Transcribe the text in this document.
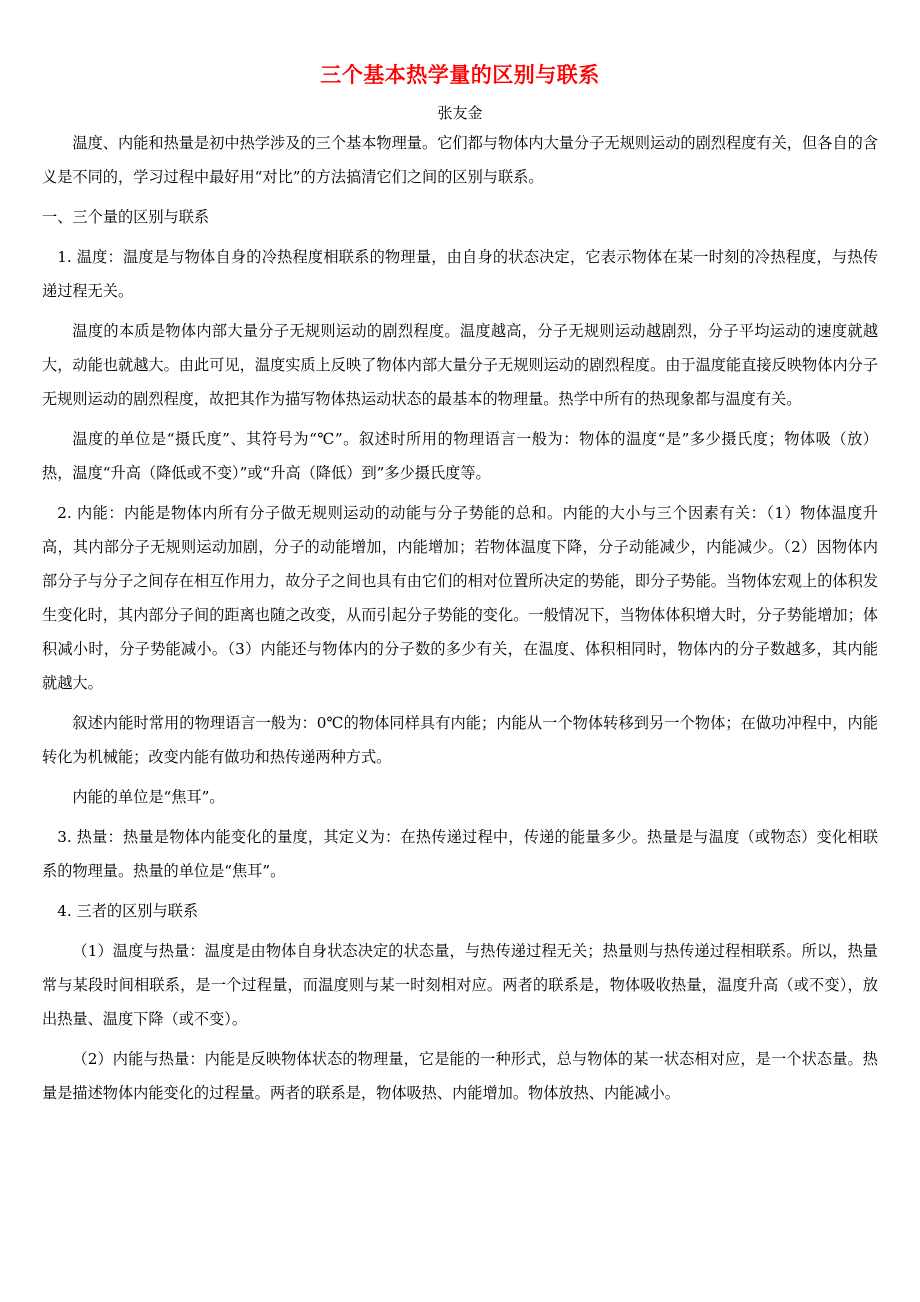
三个基本热学量的区别与联系
张友金

温度、内能和热量是初中热学涉及的三个基本物理量。它们都与物体内大量分子无规则运动的剧烈程度有关，但各自的含义是不同的，学习过程中最好用“对比”的方法搞清它们之间的区别与联系。

一、三个量的区别与联系

1. 温度：温度是与物体自身的冷热程度相联系的物理量，由自身的状态决定，它表示物体在某一时刻的冷热程度，与热传递过程无关。

温度的本质是物体内部大量分子无规则运动的剧烈程度。温度越高，分子无规则运动越剧烈，分子平均运动的速度就越大，动能也就越大。由此可见，温度实质上反映了物体内部大量分子无规则运动的剧烈程度。由于温度能直接反映物体内分子无规则运动的剧烈程度，故把其作为描写物体热运动状态的最基本的物理量。热学中所有的热现象都与温度有关。

温度的单位是“摄氏度”、其符号为“℃”。叙述时所用的物理语言一般为：物体的温度“是”多少摄氏度；物体吸（放）热，温度“升高（降低或不变）”或“升高（降低）到”多少摄氏度等。

2. 内能：内能是物体内所有分子做无规则运动的动能与分子势能的总和。内能的大小与三个因素有关：（1）物体温度升高，其内部分子无规则运动加剧，分子的动能增加，内能增加；若物体温度下降，分子动能减少，内能减少。（2）因物体内部分子与分子之间存在相互作用力，故分子之间也具有由它们的相对位置所决定的势能，即分子势能。当物体宏观上的体积发生变化时，其内部分子间的距离也随之改变，从而引起分子势能的变化。一般情况下，当物体体积增大时，分子势能增加；体积减小时，分子势能减小。（3）内能还与物体内的分子数的多少有关，在温度、体积相同时，物体内的分子数越多，其内能就越大。

叙述内能时常用的物理语言一般为：0℃的物体同样具有内能；内能从一个物体转移到另一个物体；在做功冲程中，内能转化为机械能；改变内能有做功和热传递两种方式。

内能的单位是“焦耳”。

3. 热量：热量是物体内能变化的量度，其定义为：在热传递过程中，传递的能量多少。热量是与温度（或物态）变化相联系的物理量。热量的单位是“焦耳”。

4. 三者的区别与联系

（1）温度与热量：温度是由物体自身状态决定的状态量，与热传递过程无关；热量则与热传递过程相联系。所以，热量常与某段时间相联系，是一个过程量，而温度则与某一时刻相对应。两者的联系是，物体吸收热量，温度升高（或不变），放出热量、温度下降（或不变）。

（2）内能与热量：内能是反映物体状态的物理量，它是能的一种形式，总与物体的某一状态相对应，是一个状态量。热量是描述物体内能变化的过程量。两者的联系是，物体吸热、内能增加。物体放热、内能减小。
